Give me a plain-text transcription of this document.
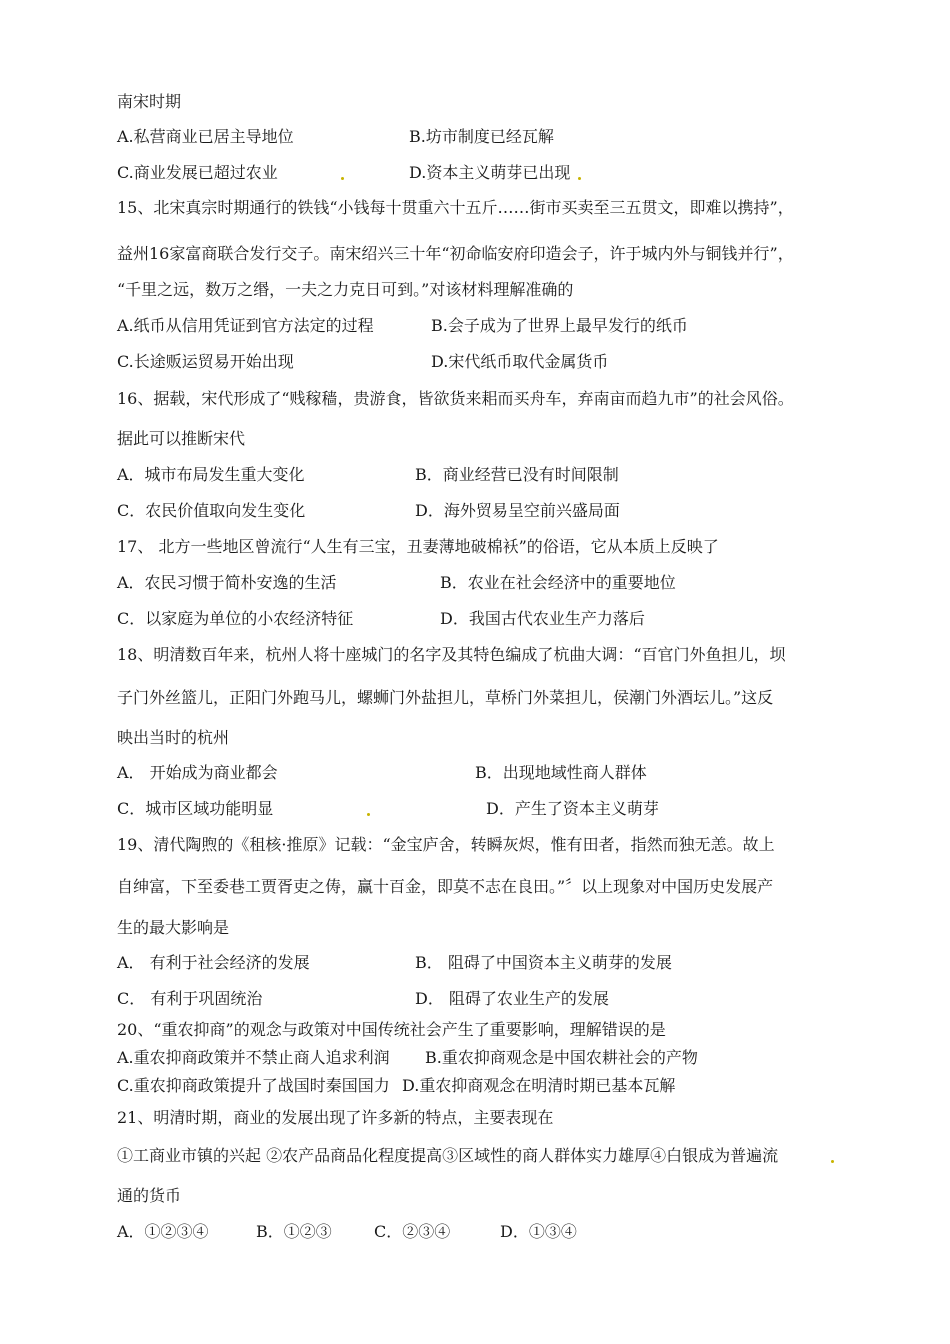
南宋时期
A.私营商业已居主导地位	B.坊市制度已经瓦解
C.商业发展已超过农业	D.资本主义萌芽已出现
15、北宋真宗时期通行的铁钱“小钱每十贯重六十五斤……街市买卖至三五贯文，即难以携持”，
益州16家富商联合发行交子。南宋绍兴三十年“初命临安府印造会子，许于城内外与铜钱并行”，
“千里之远，数万之缗，一夫之力克日可到。”对该材料理解准确的
A.纸币从信用凭证到官方法定的过程	B.会子成为了世界上最早发行的纸币
C.长途贩运贸易开始出现	D.宋代纸币取代金属货币
16、据载，宋代形成了“贱稼穑，贵游食，皆欲货来耜而买舟车，弃南亩而趋九市”的社会风俗。
据此可以推断宋代
A．城市布局发生重大变化	B．商业经营已没有时间限制
C．农民价值取向发生变化	D．海外贸易呈空前兴盛局面
17、 北方一些地区曾流行“人生有三宝，丑妻薄地破棉袄”的俗语，它从本质上反映了
A．农民习惯于简朴安逸的生活	B．农业在社会经济中的重要地位
C．以家庭为单位的小农经济特征	D．我国古代农业生产力落后
18、明清数百年来，杭州人将十座城门的名字及其特色编成了杭曲大调：“百官门外鱼担儿，坝
子门外丝篮儿，正阳门外跑马儿，螺蛳门外盐担儿，草桥门外菜担儿，侯潮门外酒坛儿。”这反
映出当时的杭州
A． 开始成为商业都会	B．出现地域性商人群体
C．城市区域功能明显	D．产生了资本主义萌芽
19、清代陶煦的《租核·推原》记载：“金宝庐舍，转瞬灰烬，惟有田者，指然而独无恙。故上
自绅富，下至委巷工贾胥吏之俦，赢十百金，即莫不志在良田。”〞以上现象对中国历史发展产
生的最大影响是
A． 有利于社会经济的发展	B． 阻碍了中国资本主义萌芽的发展
C． 有利于巩固统治	D． 阻碍了农业生产的发展
20、“重农抑商”的观念与政策对中国传统社会产生了重要影响，理解错误的是
A.重农抑商政策并不禁止商人追求利润 B.重农抑商观念是中国农耕社会的产物
C.重农抑商政策提升了战国时秦国国力 D.重农抑商观念在明清时期已基本瓦解
21、明清时期，商业的发展出现了许多新的特点，主要表现在
①工商业市镇的兴起 ②农产品商品化程度提高③区域性的商人群体实力雄厚④白银成为普遍流
通的货币
A．①②③④	B．①②③	C．②③④	D．①③④
